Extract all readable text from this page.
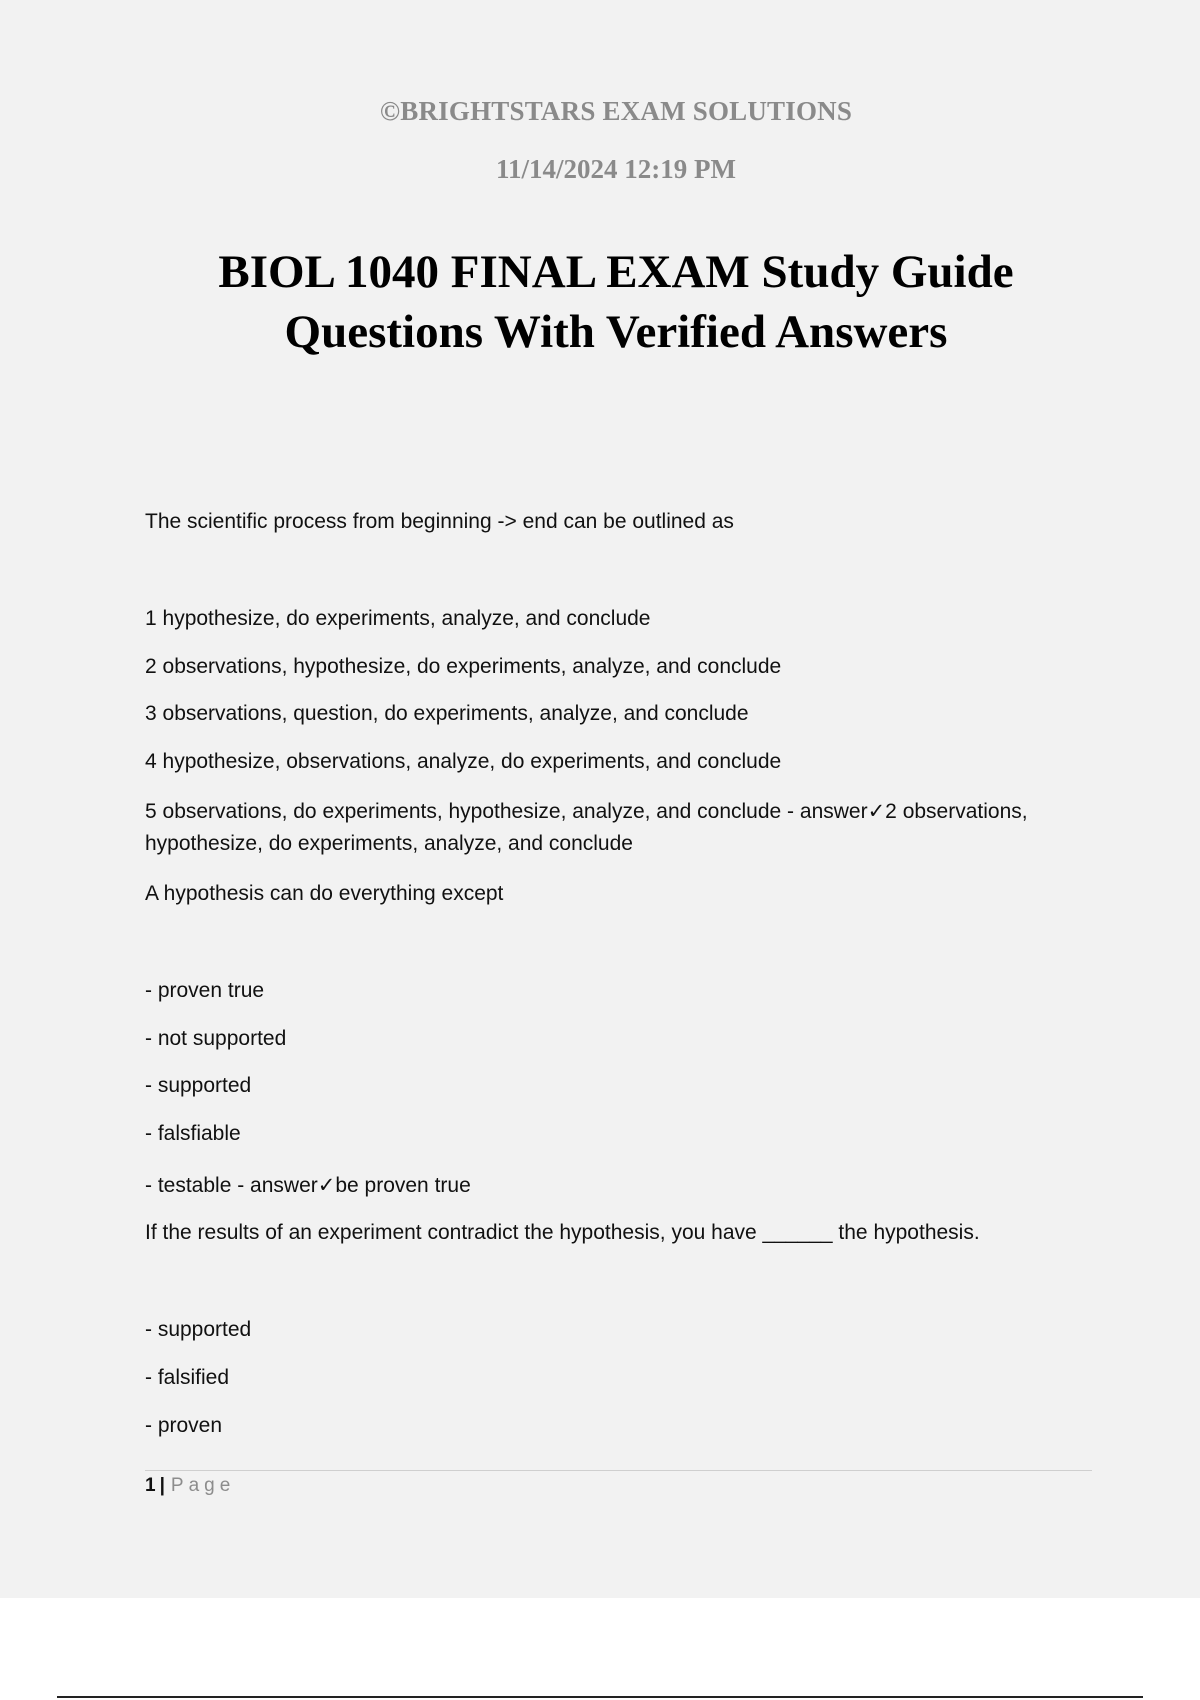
©BRIGHTSTARS EXAM SOLUTIONS
11/14/2024 12:19 PM
BIOL 1040 FINAL EXAM Study Guide
Questions With Verified Answers
The scientific process from beginning -> end can be outlined as
1 hypothesize, do experiments, analyze, and conclude
2 observations, hypothesize, do experiments, analyze, and conclude
3 observations, question, do experiments, analyze, and conclude
4 hypothesize, observations, analyze, do experiments, and conclude
5 observations, do experiments, hypothesize, analyze, and conclude - answer✓2 observations, hypothesize, do experiments, analyze, and conclude
A hypothesis can do everything except
- proven true
- not supported
- supported
- falsfiable
- testable - answer✓be proven true
If the results of an experiment contradict the hypothesis, you have ______ the hypothesis.
- supported
- falsified
- proven
1 | Page
